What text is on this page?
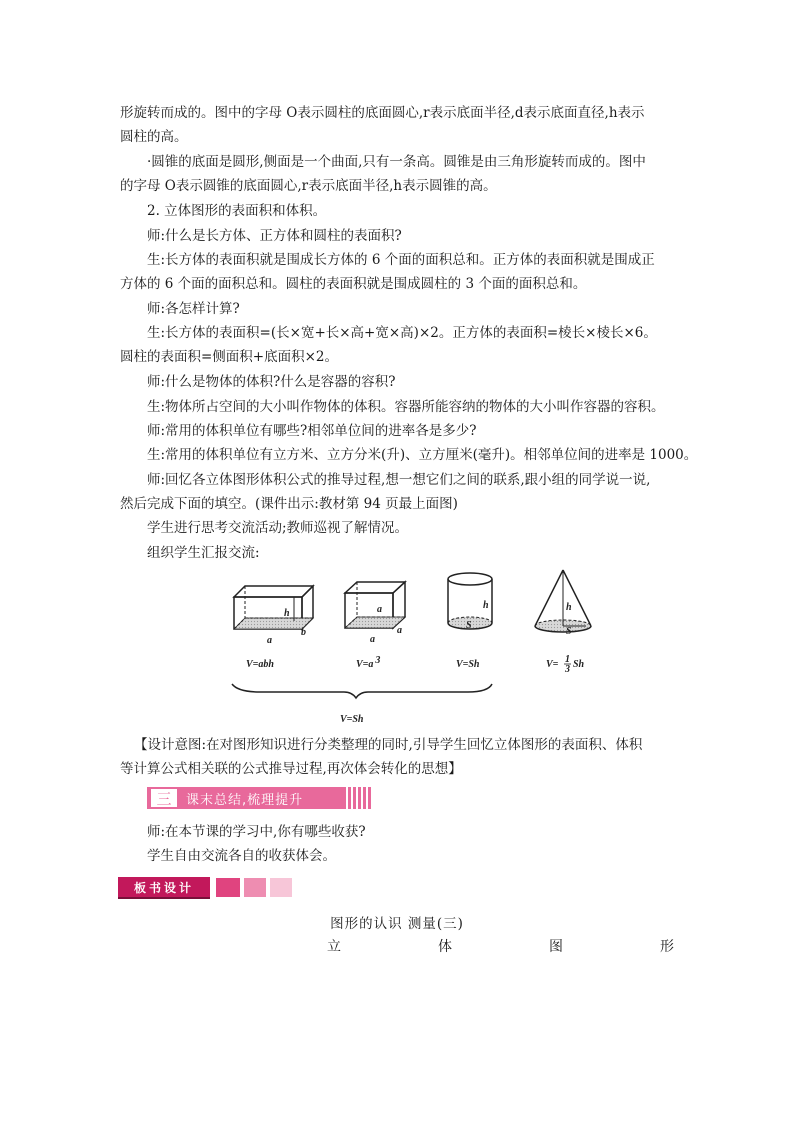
形旋转而成的。图中的字母 O表示圆柱的底面圆心,r表示底面半径,d表示底面直径,h表示
圆柱的高。
·圆锥的底面是圆形,侧面是一个曲面,只有一条高。圆锥是由三角形旋转而成的。图中
的字母 O表示圆锥的底面圆心,r表示底面半径,h表示圆锥的高。
2. 立体图形的表面积和体积。
师:什么是长方体、正方体和圆柱的表面积?
生:长方体的表面积就是围成长方体的 6 个面的面积总和。正方体的表面积就是围成正
方体的 6 个面的面积总和。圆柱的表面积就是围成圆柱的 3 个面的面积总和。
师:各怎样计算?
生:长方体的表面积=(长×宽+长×高+宽×高)×2。正方体的表面积=棱长×棱长×6。
圆柱的表面积=侧面积+底面积×2。
师:什么是物体的体积?什么是容器的容积?
生:物体所占空间的大小叫作物体的体积。容器所能容纳的物体的大小叫作容器的容积。
师:常用的体积单位有哪些?相邻单位间的进率各是多少?
生:常用的体积单位有立方米、立方分米(升)、立方厘米(毫升)。相邻单位间的进率是 1000。
师:回忆各立体图形体积公式的推导过程,想一想它们之间的联系,跟小组的同学说一说,
然后完成下面的填空。(课件出示:教材第 94 页最上面图)
学生进行思考交流活动;教师巡视了解情况。
组织学生汇报交流:
h
a
b
V=abh
a
a
a
V=a 3
h
S
V=Sh
h
S
V= 1
3 Sh
V=Sh
【设计意图:在对图形知识进行分类整理的同时,引导学生回忆立体图形的表面积、体积
等计算公式相关联的公式推导过程,再次体会转化的思想】
三	课末总结,梳理提升
师:在本节课的学习中,你有哪些收获?
学生自由交流各自的收获体会。
板书设计
图形的认识 测量(三)
立	体	图	形
